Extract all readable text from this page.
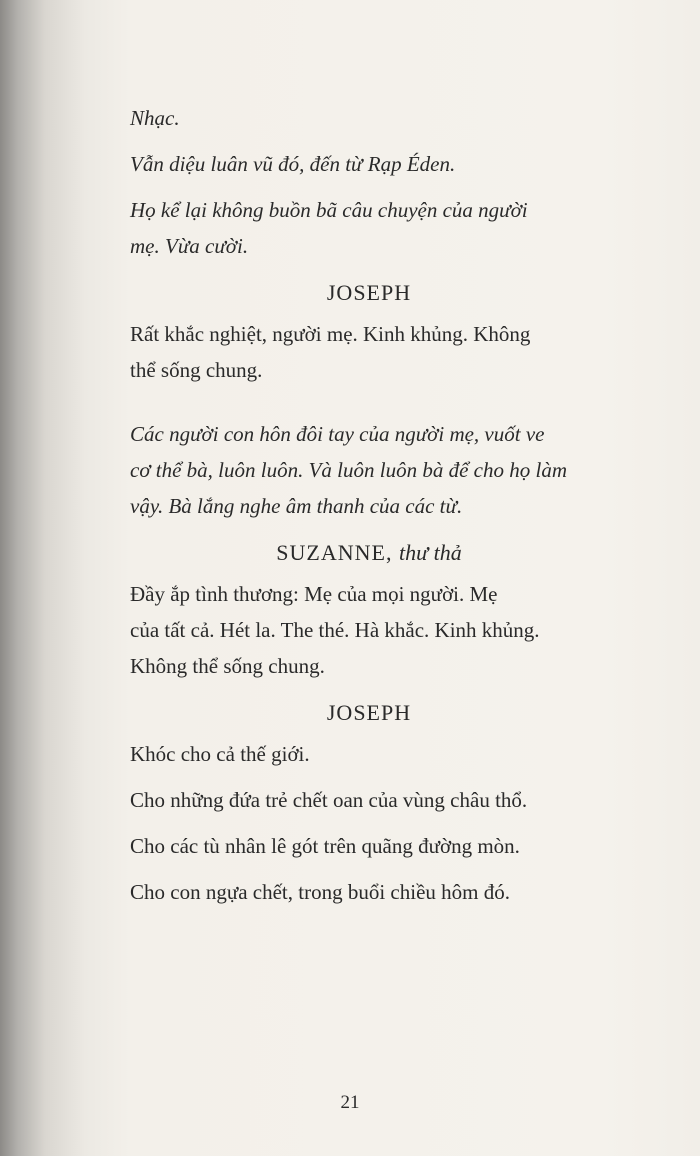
Nhạc.

Vẫn diệu luân vũ đó, đến từ Rạp Éden.

Họ kể lại không buồn bã câu chuyện của người

mẹ. Vừa cười.

JOSEPH

Rất khắc nghiệt, người mẹ. Kinh khủng. Không

thể sống chung.

Các người con hôn đôi tay của người mẹ, vuốt ve

cơ thể bà, luôn luôn. Và luôn luôn bà để cho họ làm

vậy. Bà lắng nghe âm thanh của các từ.

SUZANNE, thư thả

Đầy ắp tình thương: Mẹ của mọi người. Mẹ

của tất cả. Hét la. The thé. Hà khắc. Kinh khủng.

Không thể sống chung.

JOSEPH

Khóc cho cả thế giới.

Cho những đứa trẻ chết oan của vùng châu thổ.

Cho các tù nhân lê gót trên quãng đường mòn.

Cho con ngựa chết, trong buổi chiều hôm đó.

21
